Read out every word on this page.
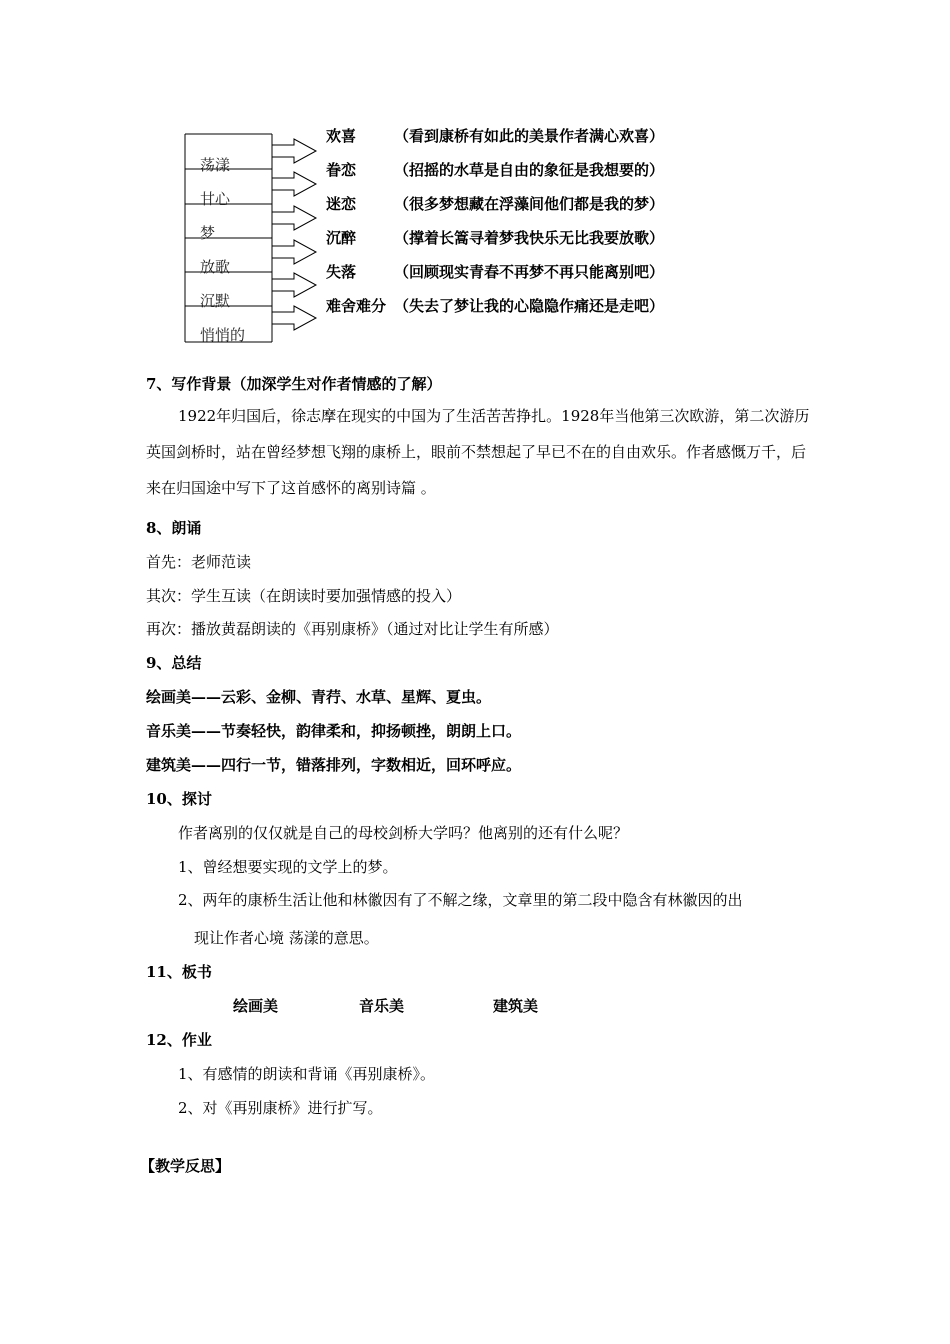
荡漾
甘心
梦
放歌
沉默
悄悄的
欢喜	（看到康桥有如此的美景作者满心欢喜）
眷恋	（招摇的水草是自由的象征是我想要的）
迷恋	（很多梦想藏在浮藻间他们都是我的梦）
沉醉	（撑着长篙寻着梦我快乐无比我要放歌）
失落	（回顾现实青春不再梦不再只能离别吧）
难舍难分 （失去了梦让我的心隐隐作痛还是走吧）
7、写作背景（加深学生对作者情感的了解）
1922年归国后，徐志摩在现实的中国为了生活苦苦挣扎。1928年当他第三次欧游，第二次游历英国剑桥时，站在曾经梦想飞翔的康桥上，眼前不禁想起了早已不在的自由欢乐。作者感慨万千，后来在归国途中写下了这首感怀的离别诗篇 。
8、朗诵
首先：老师范读
其次：学生互读（在朗读时要加强情感的投入）
再次：播放黄磊朗读的《再别康桥》（通过对比让学生有所感）
9、总结
绘画美——云彩、金柳、青荇、水草、星辉、夏虫。
音乐美——节奏轻快，韵律柔和，抑扬顿挫，朗朗上口。
建筑美——四行一节，错落排列，字数相近，回环呼应。
10、探讨
作者离别的仅仅就是自己的母校剑桥大学吗？他离别的还有什么呢？
1、曾经想要实现的文学上的梦。
2、两年的康桥生活让他和林徽因有了不解之缘，文章里的第二段中隐含有林徽因的出
现让作者心境 荡漾的意思。
11、板书
绘画美	音乐美	建筑美
12、作业
1、有感情的朗读和背诵《再别康桥》。
2、对《再别康桥》进行扩写。
【教学反思】
